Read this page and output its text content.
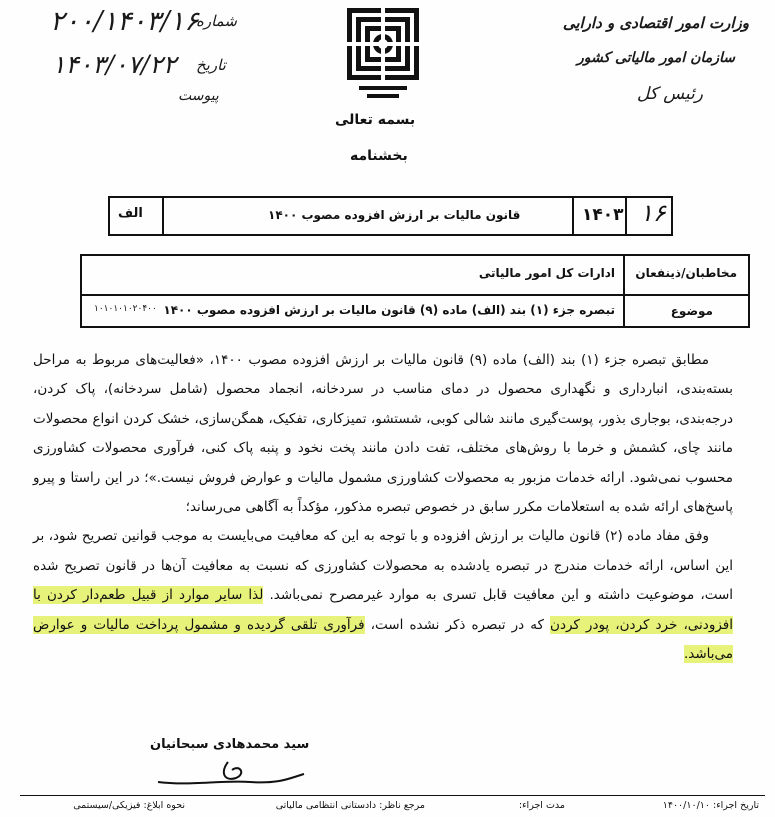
۲۰۰/۱۴۰۳/۱۶
شماره
۱۴۰۳/۰۷/۲۲ تاریخ
پیوست
وزارت امور اقتصادی و دارایی
سازمان امور مالیاتی کشور
رئیس کل
بسمه تعالی
بخشنامه
۱۶
۱۴۰۳
قانون مالیات بر ارزش افزوده مصوب ۱۴۰۰
الف
مخاطبان/ذینفعان
ادارات کل امور مالیاتی
موضوع
تبصره جزء (۱) بند (الف) ماده (۹) قانون مالیات بر ارزش افزوده مصوب ۱۴۰۰
۱۰۱۰۱۰۱۰۲۰۴۰۰

مطابق تبصره جزء (۱) بند (الف) ماده (۹) قانون مالیات بر ارزش افزوده مصوب ۱۴۰۰، «فعالیت‌های مربوط به مراحل بسته‌بندی، انبارداری و نگهداری محصول در دمای مناسب در سردخانه، انجماد محصول (شامل سردخانه)، پاک کردن، درجه‌بندی، بوجاری بذور، پوست‌گیری مانند شالی کوبی، شستشو، تمیزکاری، تفکیک، همگن‌سازی، خشک کردن انواع محصولات مانند چای، کشمش و خرما با روش‌های مختلف، تفت دادن مانند پخت نخود و پنبه پاک کنی، فرآوری محصولات کشاورزی محسوب نمی‌شود. ارائه خدمات مزبور به محصولات کشاورزی مشمول مالیات و عوارض فروش نیست.»؛ در این راستا و پیرو پاسخ‌های ارائه شده به استعلامات مکرر سابق در خصوص تبصره مذکور، مؤکداً به آگاهی می‌رساند؛

وفق مفاد ماده (۲) قانون مالیات بر ارزش افزوده و با توجه به این که معافیت می‌بایست به موجب قوانین تصریح شود، بر این اساس، ارائه خدمات مندرج در تبصره یادشده به محصولات کشاورزی که نسبت به معافیت آن‌ها در قانون تصریح شده است، موضوعیت داشته و این معافیت قابل تسری به موارد غیرمصرح نمی‌باشد. لذا سایر موارد از قبیل طعم‌دار کردن با افزودنی، خرد کردن، پودر کردن که در تبصره ذکر نشده است، فرآوری تلقی گردیده و مشمول پرداخت مالیات و عوارض می‌باشد.

سید محمدهادی سبحانیان
تاریخ اجراء: ۱۴۰۰/۱۰/۱۰
مدت اجراء:
مرجع ناظر: دادستانی انتظامی مالیاتی
نحوه ابلاغ: فیزیکی/سیستمی
